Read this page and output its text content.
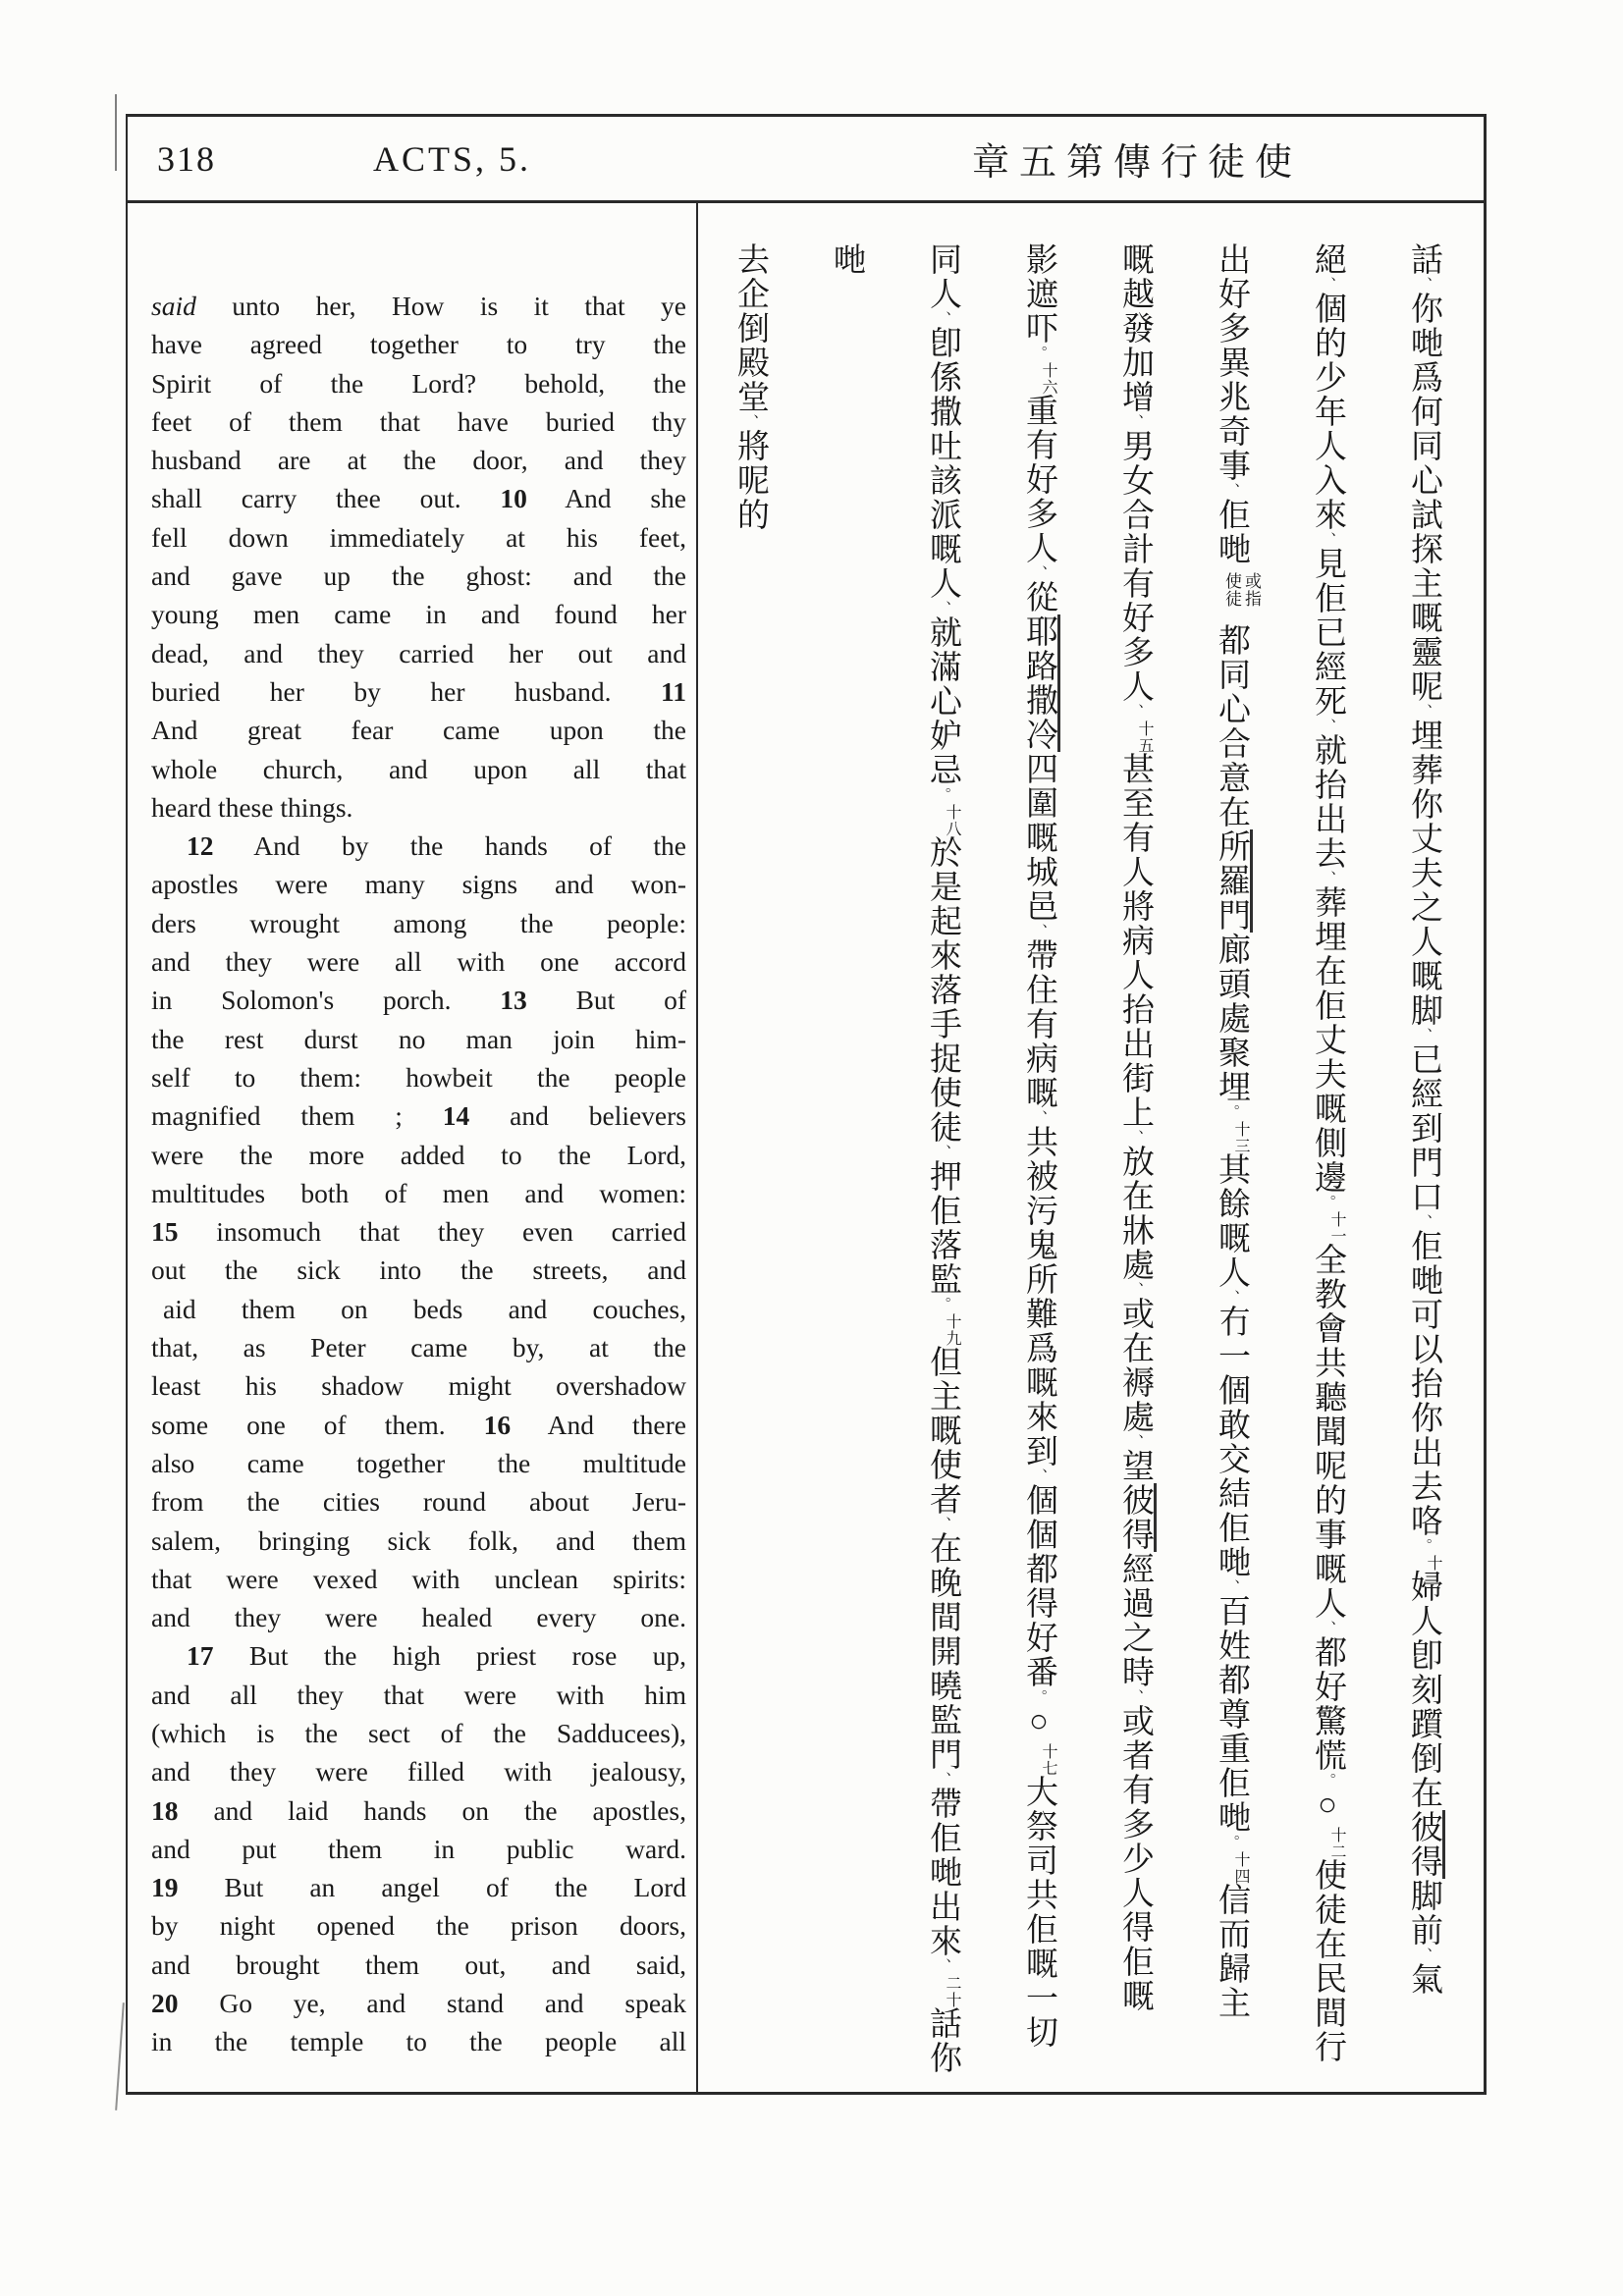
318	ACTS, 5.	章五第傳行徒使
said unto her, How is it that ye
have agreed together to try the
Spirit of the Lord? behold, the
feet of them that have buried thy
husband are at the door, and they
shall carry thee out. 10 And she
fell down immediately at his feet,
and gave up the ghost: and the
young men came in and found her
dead, and they carried her out and
buried her by her husband. 11
And great fear came upon the
whole church, and upon all that
heard these things.
12 And by the hands of the
apostles were many signs and won-
ders wrought among the people:
and they were all with one accord
in Solomon's porch. 13 But of
the rest durst no man join him-
self to them: howbeit the people
magnified them ; 14 and believers
were the more added to the Lord,
multitudes both of men and women:
15 insomuch that they even carried
out the sick into the streets, and
aid them on beds and couches,
that, as Peter came by, at the
least his shadow might overshadow
some one of them. 16 And there
also came together the multitude
from the cities round about Jeru-
salem, bringing sick folk, and them
that were vexed with unclean spirits:
and they were healed every one.
17 But the high priest rose up,
and all they that were with him
(which is the sect of the Sadducees),
and they were filled with jealousy,
18 and laid hands on the apostles,
and put them in public ward.
19 But an angel of the Lord
by night opened the prison doors,
and brought them out, and said,
20 Go ye, and stand and speak
in the temple to the people all
話、你哋爲何同心試探主嘅靈呢、埋葬你丈夫之人嘅脚、已經到門口、佢哋可以抬你出去咯。十婦人卽刻躓倒在彼得脚前、氣
絕、個的少年人入來、見佢已經死、就抬出去、葬埋在佢丈夫嘅側邊。十一全教會共聽聞呢的事嘅人、都好驚慌。○十二使徒在民間行
出好多異兆奇事、佢哋或指使徒都同心合意在所羅門廊頭處聚埋。十三其餘嘅人、冇一個敢交結佢哋、百姓都尊重佢哋。十四信而歸主
嘅越發加增、男女合計有好多人、十五甚至有人將病人抬出街上、放在牀處、或在褥處、望彼得經過之時、或者有多少人得佢嘅
影遮吓。十六重有好多人、從耶路撒冷四圍嘅城邑、帶住有病嘅、共被污鬼所難爲嘅來到、個個都得好番。○十七大祭司共佢嘅一切
同人、卽係撒吐該派嘅人、就滿心妒忌。十八於是起來落手捉使徒、押佢落監。十九但主嘅使者、在晚間開曉監門、帶佢哋出來、二十話你哋
去企倒殿堂、將呢的
